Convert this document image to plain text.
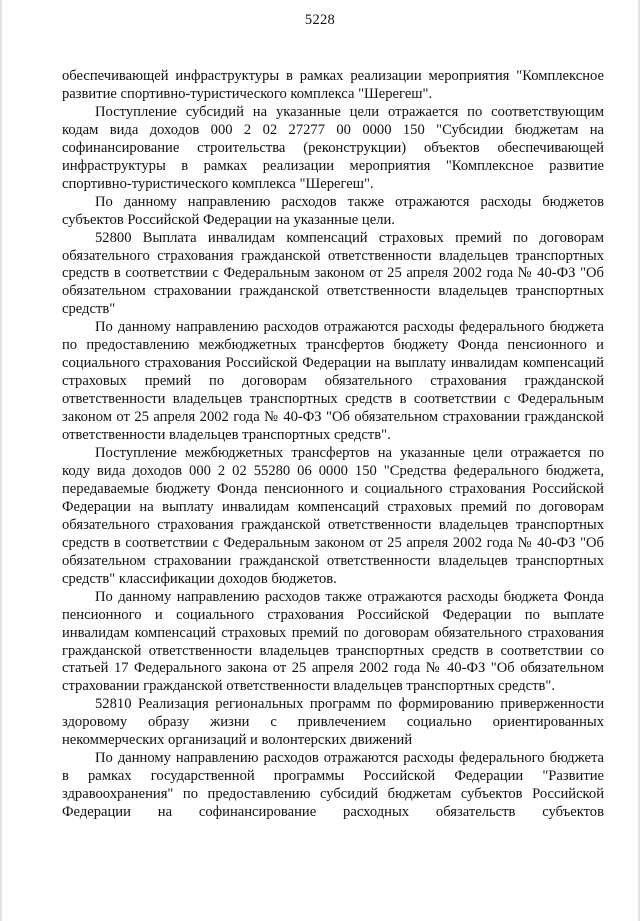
5228

обеспечивающей инфраструктуры в рамках реализации мероприятия "Комплексное развитие спортивно-туристического комплекса "Шерегеш".

Поступление субсидий на указанные цели отражается по соответствующим кодам вида доходов 000 2 02 27277 00 0000 150 "Субсидии бюджетам на софинансирование строительства (реконструкции) объектов обеспечивающей инфраструктуры в рамках реализации мероприятия "Комплексное развитие спортивно-туристического комплекса "Шерегеш".

По данному направлению расходов также отражаются расходы бюджетов субъектов Российской Федерации на указанные цели.

52800 Выплата инвалидам компенсаций страховых премий по договорам обязательного страхования гражданской ответственности владельцев транспортных средств в соответствии с Федеральным законом от 25 апреля 2002 года № 40-ФЗ "Об обязательном страховании гражданской ответственности владельцев транспортных средств"

По данному направлению расходов отражаются расходы федерального бюджета по предоставлению межбюджетных трансфертов бюджету Фонда пенсионного и социального страхования Российской Федерации на выплату инвалидам компенсаций страховых премий по договорам обязательного страхования гражданской ответственности владельцев транспортных средств в соответствии с Федеральным законом от 25 апреля 2002 года № 40-ФЗ "Об обязательном страховании гражданской ответственности владельцев транспортных средств".

Поступление межбюджетных трансфертов на указанные цели отражается по коду вида доходов 000 2 02 55280 06 0000 150 "Средства федерального бюджета, передаваемые бюджету Фонда пенсионного и социального страхования Российской Федерации на выплату инвалидам компенсаций страховых премий по договорам обязательного страхования гражданской ответственности владельцев транспортных средств в соответствии с Федеральным законом от 25 апреля 2002 года № 40-ФЗ "Об обязательном страховании гражданской ответственности владельцев транспортных средств" классификации доходов бюджетов.

По данному направлению расходов также отражаются расходы бюджета Фонда пенсионного и социального страхования Российской Федерации по выплате инвалидам компенсаций страховых премий по договорам обязательного страхования гражданской ответственности владельцев транспортных средств в соответствии со статьей 17 Федерального закона от 25 апреля 2002 года № 40-ФЗ "Об обязательном страховании гражданской ответственности владельцев транспортных средств".

52810 Реализация региональных программ по формированию приверженности здоровому образу жизни с привлечением социально ориентированных некоммерческих организаций и волонтерских движений

По данному направлению расходов отражаются расходы федерального бюджета в рамках государственной программы Российской Федерации "Развитие здравоохранения" по предоставлению субсидий бюджетам субъектов Российской Федерации на софинансирование расходных обязательств субъектов
